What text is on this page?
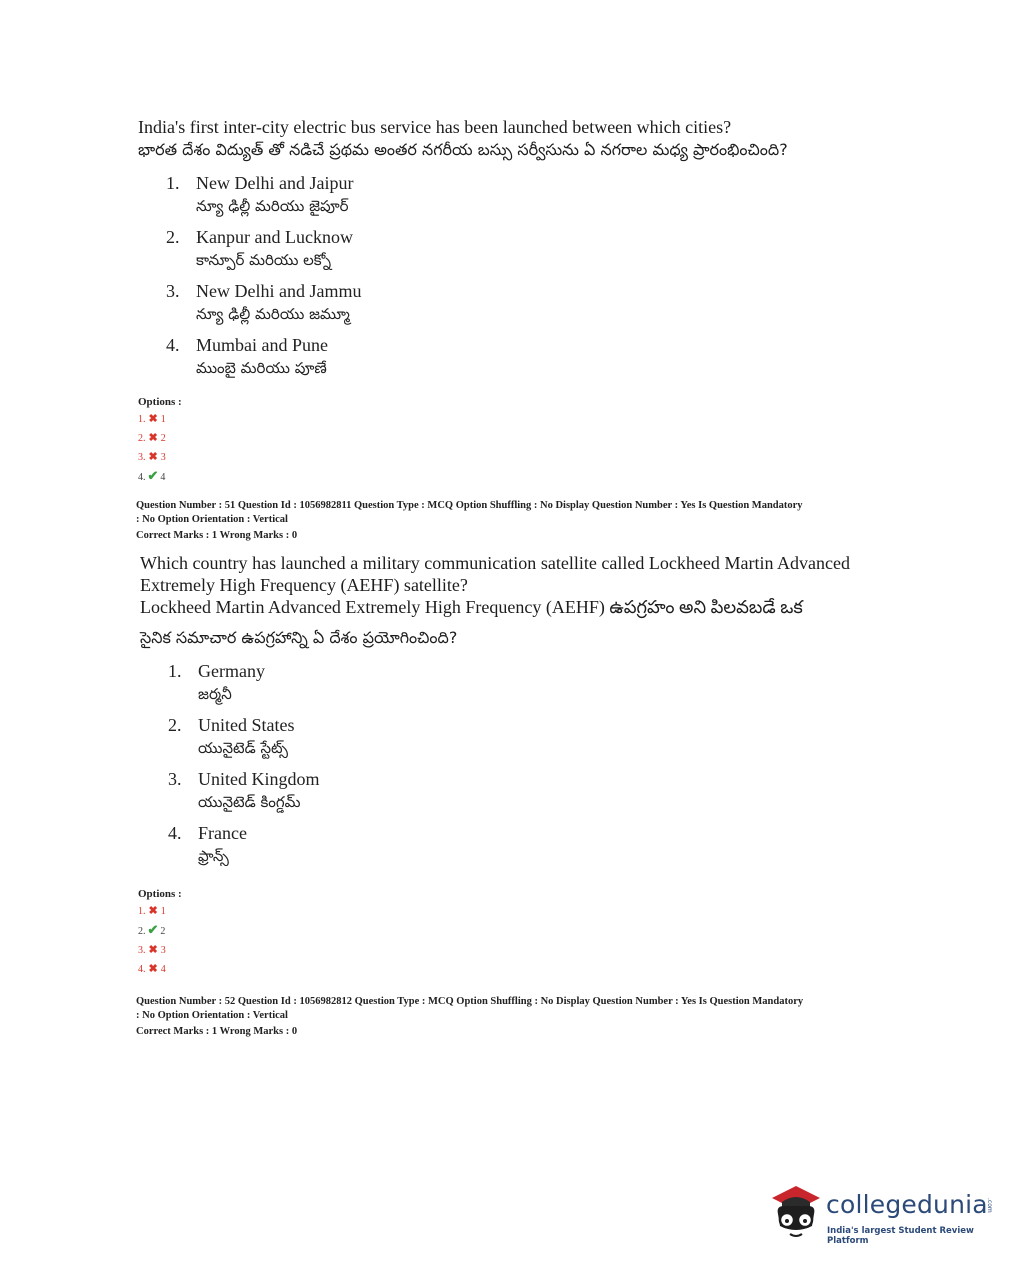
India's first inter-city electric bus service has been launched between which cities?

భారత దేశం విద్యుత్ తో నడిచే ప్రథమ అంతర నగరీయ బస్సు సర్వీసును ఏ నగరాల మధ్య ప్రారంభించింది?

1. New Delhi and Jaipur
న్యూ ఢిల్లీ మరియు జైపూర్
2. Kanpur and Lucknow
కాన్పూర్ మరియు లక్నో
3. New Delhi and Jammu
న్యూ ఢిల్లీ మరియు జమ్మూ
4. Mumbai and Pune
ముంబై మరియు పూణే
Options :
1. ✖ 1
2. ✖ 2
3. ✖ 3
4. ✔ 4

Question Number : 51 Question Id : 1056982811 Question Type : MCQ Option Shuffling : No Display Question Number : Yes Is Question Mandatory

: No Option Orientation : Vertical

Correct Marks : 1 Wrong Marks : 0

Which country has launched a military communication satellite called Lockheed Martin Advanced Extremely High Frequency (AEHF) satellite?

Lockheed Martin Advanced Extremely High Frequency (AEHF) ఉపగ్రహం అని పిలవబడే ఒక

సైనిక సమాచార ఉపగ్రహాన్ని ఏ దేశం ప్రయోగించింది?

1. Germany
జర్మనీ
2. United States
యునైటెడ్ స్టేట్స్
3. United Kingdom
యునైటెడ్ కింగ్డమ్
4. France
ఫ్రాన్స్
Options :
1. ✖ 1
2. ✔ 2
3. ✖ 3
4. ✖ 4

Question Number : 52 Question Id : 1056982812 Question Type : MCQ Option Shuffling : No Display Question Number : Yes Is Question Mandatory

: No Option Orientation : Vertical

Correct Marks : 1 Wrong Marks : 0

collegedunia
.com
India's largest Student Review Platform
